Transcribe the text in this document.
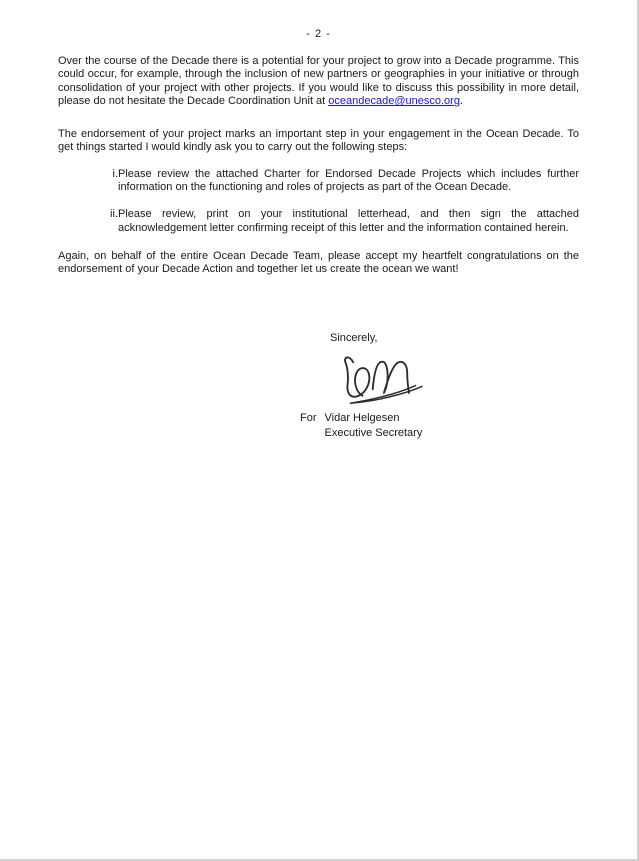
- 2 -

Over the course of the Decade there is a potential for your project to grow into a Decade programme. This could occur, for example, through the inclusion of new partners or geographies in your initiative or through consolidation of your project with other projects. If you would like to discuss this possibility in more detail, please do not hesitate the Decade Coordination Unit at oceandecade@unesco.org.

The endorsement of your project marks an important step in your engagement in the Ocean Decade. To get things started I would kindly ask you to carry out the following steps:

i. Please review the attached Charter for Endorsed Decade Projects which includes further information on the functioning and roles of projects as part of the Ocean Decade.
ii. Please review, print on your institutional letterhead, and then sign the attached acknowledgement letter confirming receipt of this letter and the information contained herein.

Again, on behalf of the entire Ocean Decade Team, please accept my heartfelt congratulations on the endorsement of your Decade Action and together let us create the ocean we want!

Sincerely,

For Vidar Helgesen
Executive Secretary
